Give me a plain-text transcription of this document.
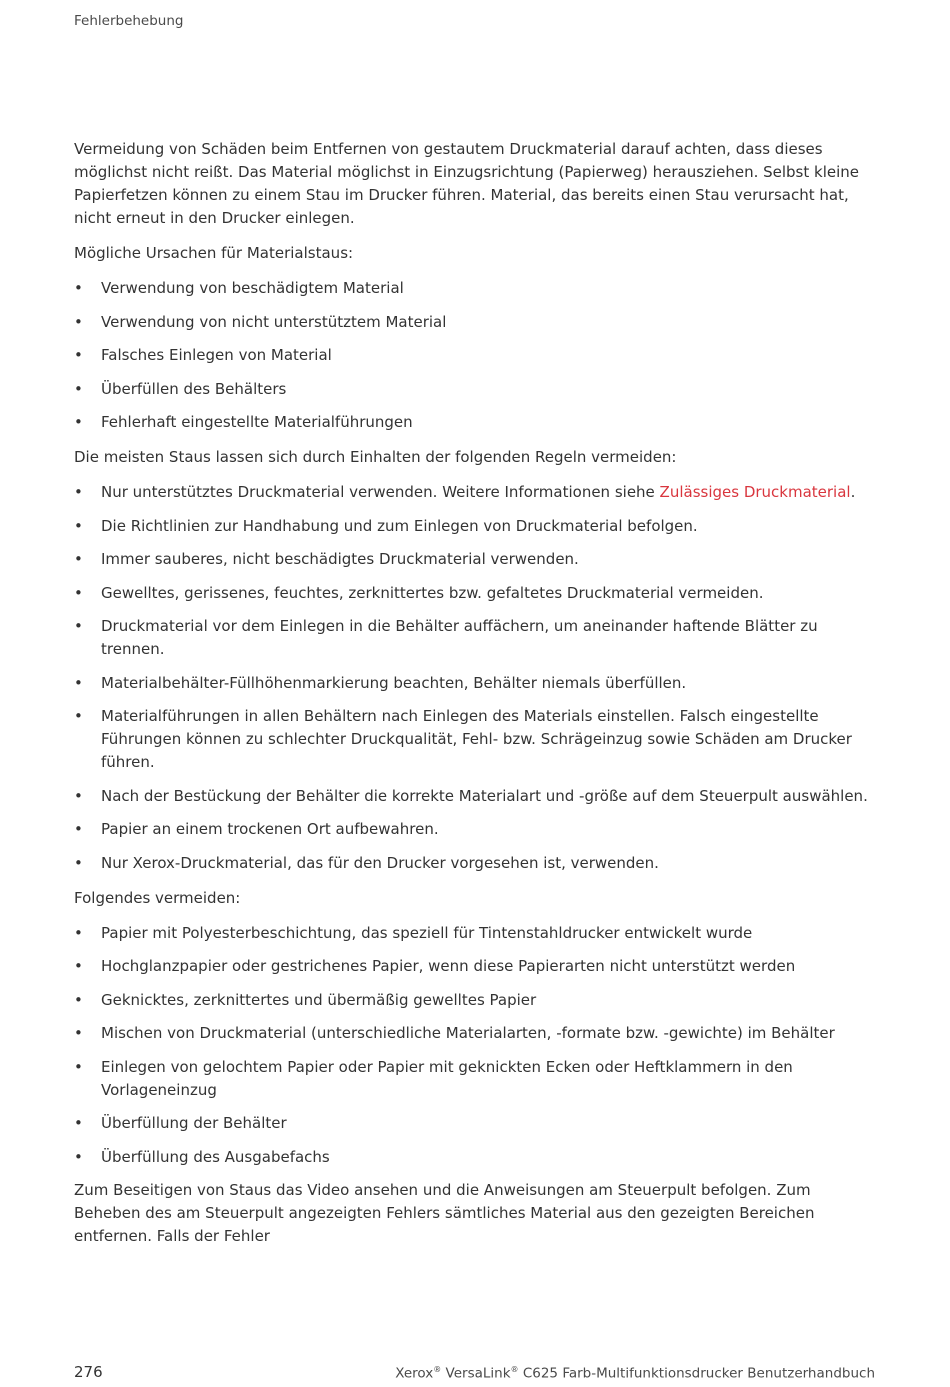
Fehlerbehebung

Vermeidung von Schäden beim Entfernen von gestautem Druckmaterial darauf achten, dass dieses möglichst nicht reißt. Das Material möglichst in Einzugsrichtung (Papierweg) herausziehen. Selbst kleine Papierfetzen können zu einem Stau im Drucker führen. Material, das bereits einen Stau verursacht hat, nicht erneut in den Drucker einlegen.

Mögliche Ursachen für Materialstaus:

• Verwendung von beschädigtem Material
• Verwendung von nicht unterstütztem Material
• Falsches Einlegen von Material
• Überfüllen des Behälters
• Fehlerhaft eingestellte Materialführungen

Die meisten Staus lassen sich durch Einhalten der folgenden Regeln vermeiden:

• Nur unterstütztes Druckmaterial verwenden. Weitere Informationen siehe Zulässiges Druckmaterial.
• Die Richtlinien zur Handhabung und zum Einlegen von Druckmaterial befolgen.
• Immer sauberes, nicht beschädigtes Druckmaterial verwenden.
• Gewelltes, gerissenes, feuchtes, zerknittertes bzw. gefaltetes Druckmaterial vermeiden.
• Druckmaterial vor dem Einlegen in die Behälter auffächern, um aneinander haftende Blätter zu trennen.
• Materialbehälter-Füllhöhenmarkierung beachten, Behälter niemals überfüllen.
• Materialführungen in allen Behältern nach Einlegen des Materials einstellen. Falsch eingestellte Führungen können zu schlechter Druckqualität, Fehl- bzw. Schrägeinzug sowie Schäden am Drucker führen.
• Nach der Bestückung der Behälter die korrekte Materialart und -größe auf dem Steuerpult auswählen.
• Papier an einem trockenen Ort aufbewahren.
• Nur Xerox-Druckmaterial, das für den Drucker vorgesehen ist, verwenden.

Folgendes vermeiden:

• Papier mit Polyesterbeschichtung, das speziell für Tintenstahldrucker entwickelt wurde
• Hochglanzpapier oder gestrichenes Papier, wenn diese Papierarten nicht unterstützt werden
• Geknicktes, zerknittertes und übermäßig gewelltes Papier
• Mischen von Druckmaterial (unterschiedliche Materialarten, -formate bzw. -gewichte) im Behälter
• Einlegen von gelochtem Papier oder Papier mit geknickten Ecken oder Heftklammern in den Vorlageneinzug
• Überfüllung der Behälter
• Überfüllung des Ausgabefachs

Zum Beseitigen von Staus das Video ansehen und die Anweisungen am Steuerpult befolgen. Zum Beheben des am Steuerpult angezeigten Fehlers sämtliches Material aus den gezeigten Bereichen entfernen. Falls der Fehler

276	Xerox® VersaLink® C625 Farb-Multifunktionsdrucker Benutzerhandbuch
